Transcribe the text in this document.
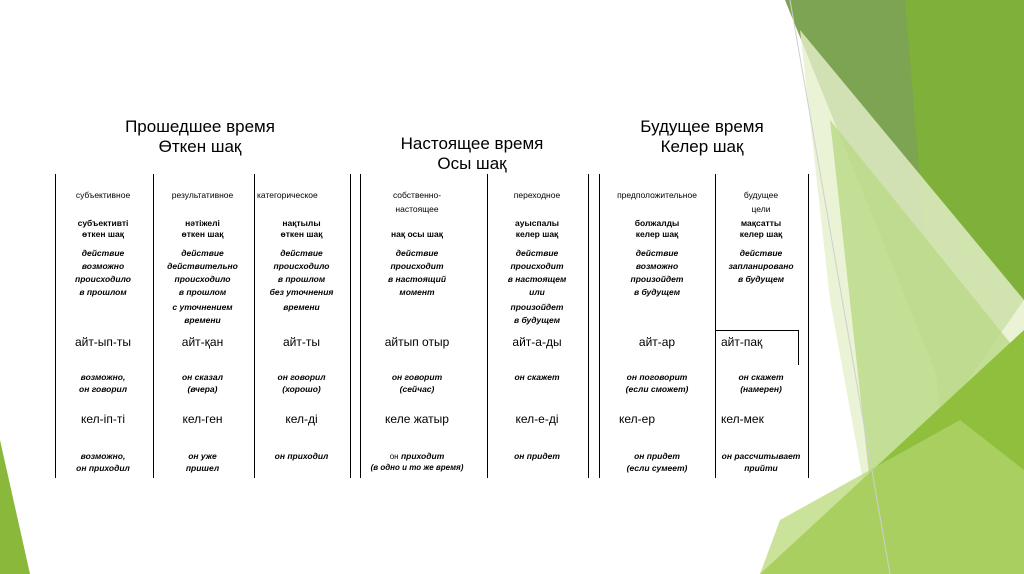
Прошедшее время
Өткен шақ	Настоящее время
Осы шақ
Будущее время
Келер шақ
субъективное
субъективті
өткен шақ
действие
возможно
происходило
в прошлом
айт-ып-ты
возможно,
он говорил
кел-іп-ті
возможно,
он приходил
результативное
нәтіжелі
өткен шақ
действие
действительно
происходило
в прошлом
с уточнением
времени
айт-қан
он сказал
(вчера)
кел-ген
он уже
пришел
категорическое
нақтылы
өткен шақ
действие
происходило
в прошлом
без уточнения
времени
айт-ты
он говорил
(хорошо)
кел-ді
он приходил
собственно-
настоящее
нақ осы шақ
действие
происходит
в настоящий
момент
айтып отыр
он говорит
(сейчас)
келе жатыр
он приходит
(в одно и то же время)
переходное
ауыспалы
келер шақ
действие
происходит
в настоящем
или
произойдет
в будущем
айт-а-ды
он скажет
кел-е-ді
он придет
предположительное
болжалды
келер шақ
действие
возможно
произойдет
в будущем
айт-ар
он поговорит
(если сможет)
кел-ер
он придет
(если сумеет)
будущее
цели
мақсатты
келер шақ
действие
запланировано
в будущем
айт-пақ
он скажет
(намерен)
кел-мек
он рассчитывает
прийти
